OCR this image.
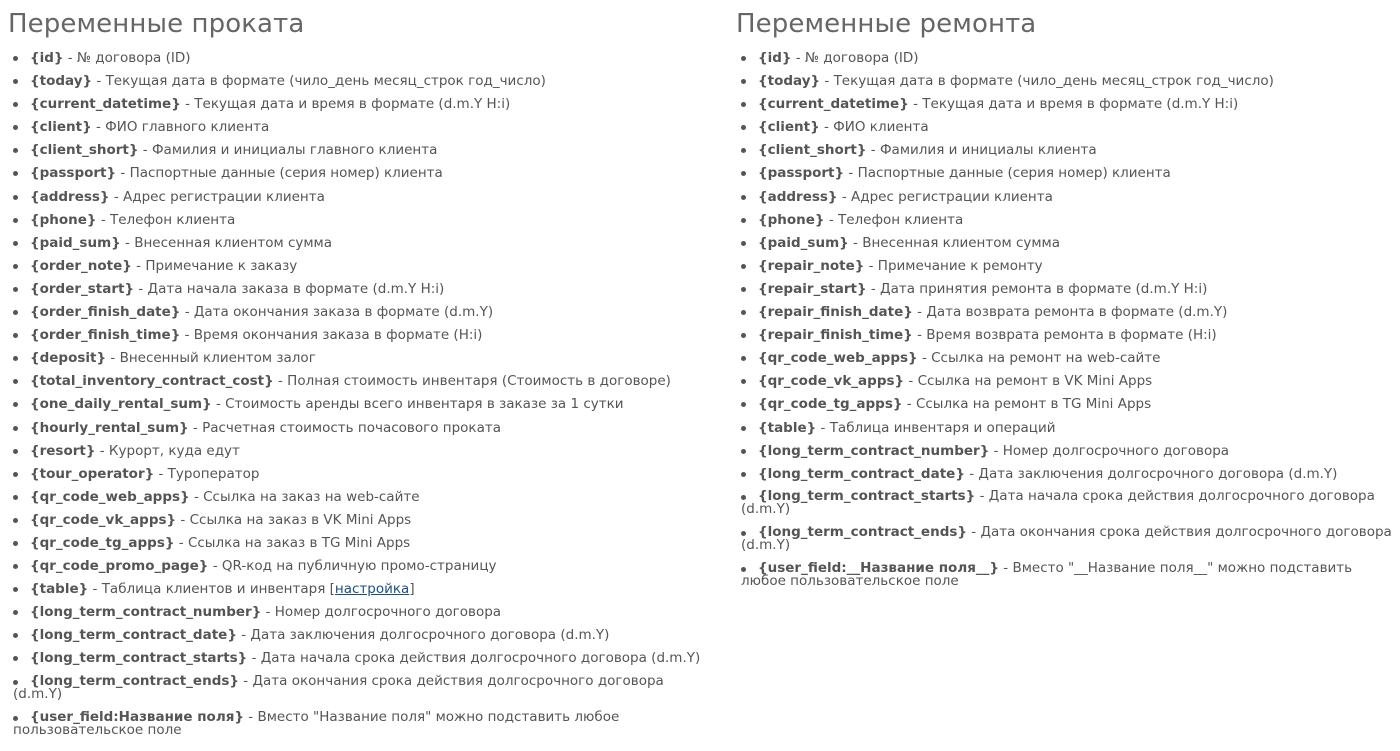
Переменные проката
{id} - № договора (ID)
{today} - Текущая дата в формате (чило_день месяц_строк год_число)
{current_datetime} - Текущая дата и время в формате (d.m.Y H:i)
{client} - ФИО главного клиента
{client_short} - Фамилия и инициалы главного клиента
{passport} - Паспортные данные (серия номер) клиента
{address} - Адрес регистрации клиента
{phone} - Телефон клиента
{paid_sum} - Внесенная клиентом сумма
{order_note} - Примечание к заказу
{order_start} - Дата начала заказа в формате (d.m.Y H:i)
{order_finish_date} - Дата окончания заказа в формате (d.m.Y)
{order_finish_time} - Время окончания заказа в формате (H:i)
{deposit} - Внесенный клиентом залог
{total_inventory_contract_cost} - Полная стоимость инвентаря (Стоимость в договоре)
{one_daily_rental_sum} - Стоимость аренды всего инвентаря в заказе за 1 сутки
{hourly_rental_sum} - Расчетная стоимость почасового проката
{resort} - Курорт, куда едут
{tour_operator} - Туроператор
{qr_code_web_apps} - Ссылка на заказ на web-сайте
{qr_code_vk_apps} - Ссылка на заказ в VK Mini Apps
{qr_code_tg_apps} - Ссылка на заказ в TG Mini Apps
{qr_code_promo_page} - QR-код на публичную промо-страницу
{table} - Таблица клиентов и инвентаря [настройка]
{long_term_contract_number} - Номер долгосрочного договора
{long_term_contract_date} - Дата заключения долгосрочного договора (d.m.Y)
{long_term_contract_starts} - Дата начала срока действия долгосрочного договора (d.m.Y)
{long_term_contract_ends} - Дата окончания срока действия долгосрочного договора (d.m.Y)
{user_field:Название поля} - Вместо "Название поля" можно подставить любое пользовательское поле
Переменные ремонта
{id} - № договора (ID)
{today} - Текущая дата в формате (чило_день месяц_строк год_число)
{current_datetime} - Текущая дата и время в формате (d.m.Y H:i)
{client} - ФИО клиента
{client_short} - Фамилия и инициалы клиента
{passport} - Паспортные данные (серия номер) клиента
{address} - Адрес регистрации клиента
{phone} - Телефон клиента
{paid_sum} - Внесенная клиентом сумма
{repair_note} - Примечание к ремонту
{repair_start} - Дата принятия ремонта в формате (d.m.Y H:i)
{repair_finish_date} - Дата возврата ремонта в формате (d.m.Y)
{repair_finish_time} - Время возврата ремонта в формате (H:i)
{qr_code_web_apps} - Ссылка на ремонт на web-сайте
{qr_code_vk_apps} - Ссылка на ремонт в VK Mini Apps
{qr_code_tg_apps} - Ссылка на ремонт в TG Mini Apps
{table} - Таблица инвентаря и операций
{long_term_contract_number} - Номер долгосрочного договора
{long_term_contract_date} - Дата заключения долгосрочного договора (d.m.Y)
{long_term_contract_starts} - Дата начала срока действия долгосрочного договора (d.m.Y)
{long_term_contract_ends} - Дата окончания срока действия долгосрочного договора (d.m.Y)
{user_field:__Название поля__} - Вместо "__Название поля__" можно подставить любое пользовательское поле
